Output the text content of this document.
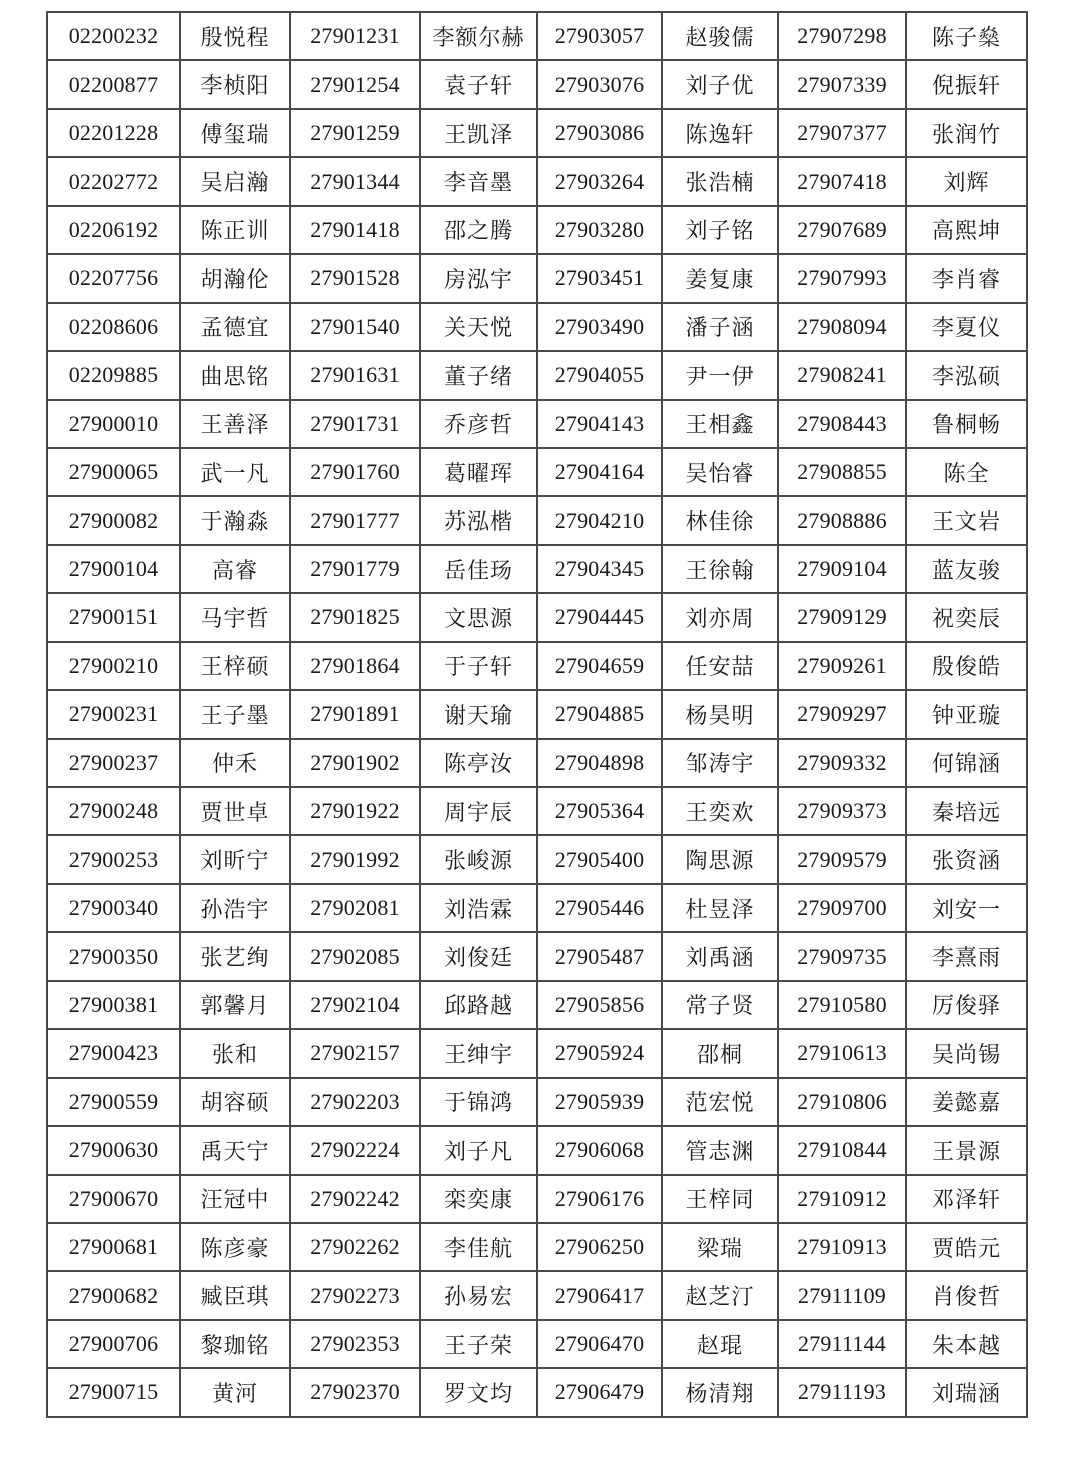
02200232	殷悦程	27901231	李额尔赫	27903057	赵骏儒	27907298	陈子燊
02200877	李桢阳	27901254	袁子轩	27903076	刘子优	27907339	倪振轩
02201228	傅玺瑞	27901259	王凯泽	27903086	陈逸轩	27907377	张润竹
02202772	吴启瀚	27901344	李音墨	27903264	张浩楠	27907418	刘辉
02206192	陈正训	27901418	邵之腾	27903280	刘子铭	27907689	高熙坤
02207756	胡瀚伦	27901528	房泓宇	27903451	姜复康	27907993	李肖睿
02208606	孟德宜	27901540	关天悦	27903490	潘子涵	27908094	李夏仪
02209885	曲思铭	27901631	董子绪	27904055	尹一伊	27908241	李泓硕
27900010	王善泽	27901731	乔彦哲	27904143	王相鑫	27908443	鲁桐畅
27900065	武一凡	27901760	葛曜珲	27904164	吴怡睿	27908855	陈全
27900082	于瀚淼	27901777	苏泓楷	27904210	林佳徐	27908886	王文岩
27900104	高睿	27901779	岳佳玚	27904345	王徐翰	27909104	蓝友骏
27900151	马宇哲	27901825	文思源	27904445	刘亦周	27909129	祝奕辰
27900210	王梓硕	27901864	于子轩	27904659	任安喆	27909261	殷俊皓
27900231	王子墨	27901891	谢天瑜	27904885	杨昊明	27909297	钟亚璇
27900237	仲禾	27901902	陈亭汝	27904898	邹涛宇	27909332	何锦涵
27900248	贾世卓	27901922	周宇辰	27905364	王奕欢	27909373	秦培远
27900253	刘昕宁	27901992	张峻源	27905400	陶思源	27909579	张资涵
27900340	孙浩宇	27902081	刘浩霖	27905446	杜昱泽	27909700	刘安一
27900350	张艺绚	27902085	刘俊廷	27905487	刘禹涵	27909735	李熹雨
27900381	郭馨月	27902104	邱路越	27905856	常子贤	27910580	厉俊驿
27900423	张和	27902157	王绅宇	27905924	邵桐	27910613	吴尚锡
27900559	胡容硕	27902203	于锦鸿	27905939	范宏悦	27910806	姜懿嘉
27900630	禹天宁	27902224	刘子凡	27906068	管志渊	27910844	王景源
27900670	汪冠中	27902242	栾奕康	27906176	王梓同	27910912	邓泽轩
27900681	陈彦豪	27902262	李佳航	27906250	梁瑞	27910913	贾皓元
27900682	臧臣琪	27902273	孙易宏	27906417	赵芝汀	27911109	肖俊哲
27900706	黎珈铭	27902353	王子荣	27906470	赵琨	27911144	朱本越
27900715	黄河	27902370	罗文均	27906479	杨清翔	27911193	刘瑞涵
